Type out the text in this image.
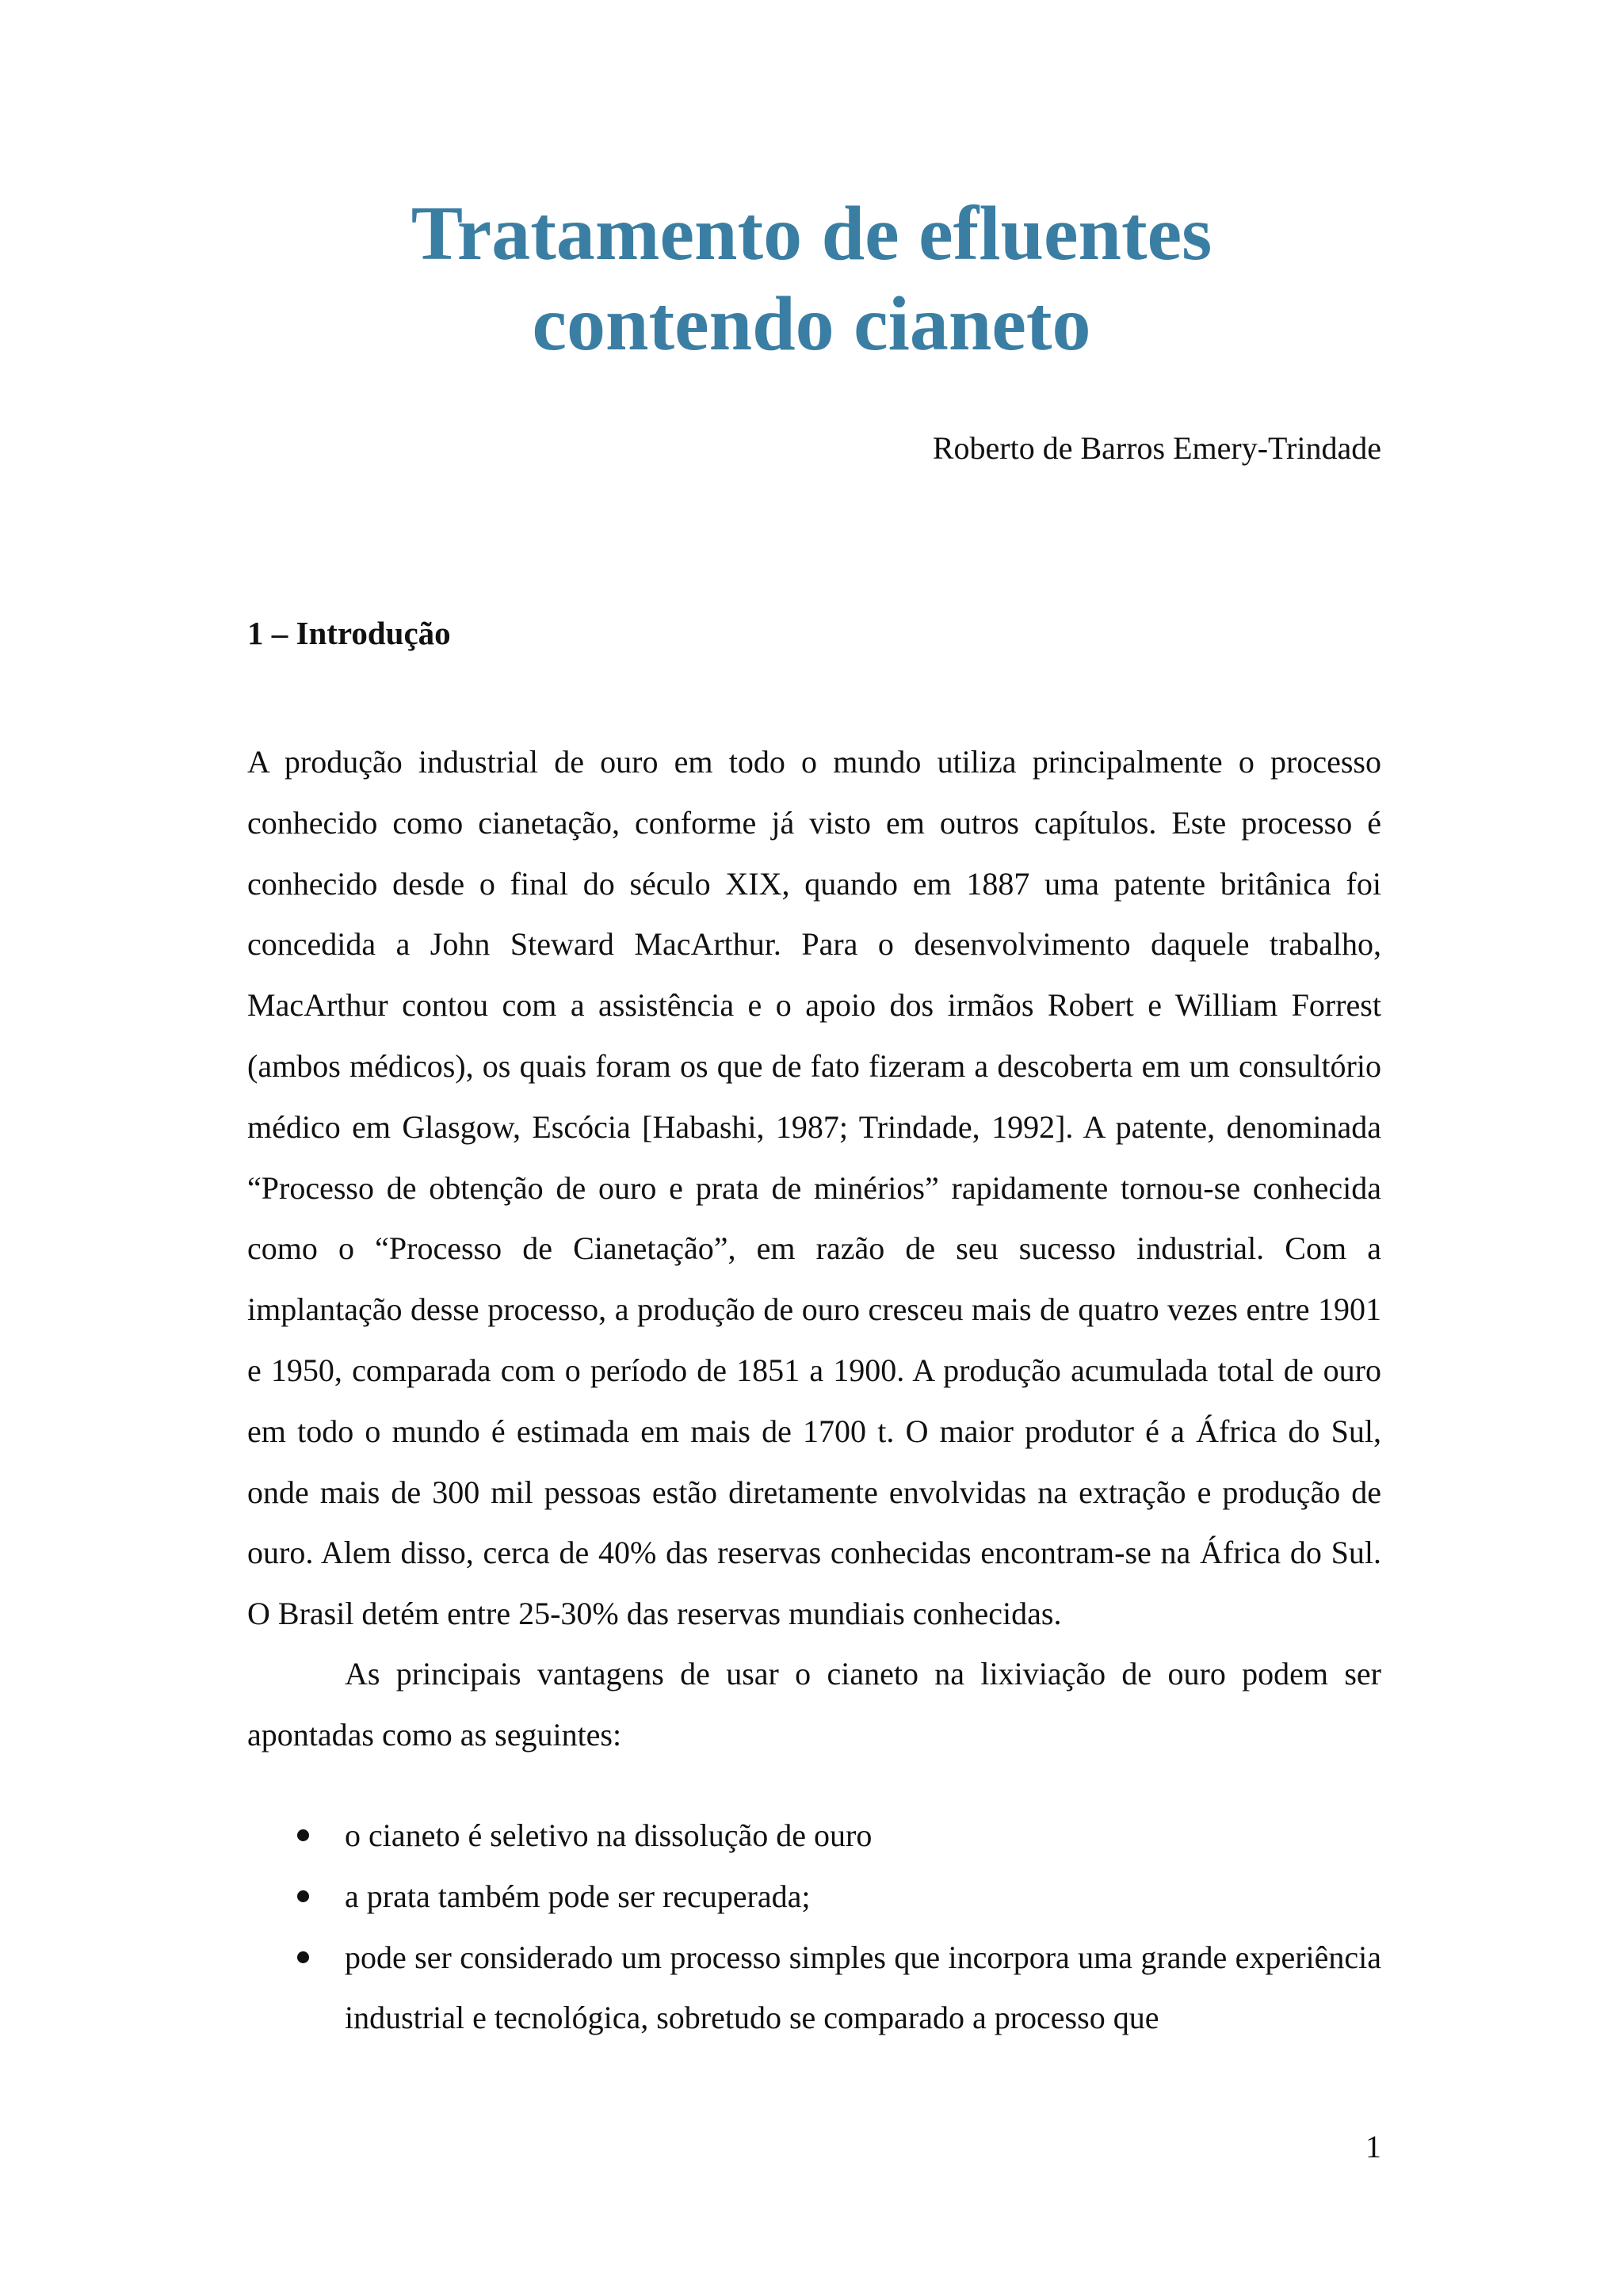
Tratamento de efluentes
contendo cianeto

Roberto de Barros Emery-Trindade

1 – Introdução

A produção industrial de ouro em todo o mundo utiliza principalmente o processo conhecido como cianetação, conforme já visto em outros capítulos. Este processo é conhecido desde o final do século XIX, quando em 1887 uma patente britânica foi concedida a John Steward MacArthur. Para o desenvolvimento daquele trabalho, MacArthur contou com a assistência e o apoio dos irmãos Robert e William Forrest (ambos médicos), os quais foram os que de fato fizeram a descoberta em um consultório médico em Glasgow, Escócia [Habashi, 1987; Trindade, 1992]. A patente, denominada “Processo de obtenção de ouro e prata de minérios” rapidamente tornou-se conhecida como o “Processo de Cianetação”, em razão de seu sucesso industrial. Com a implantação desse processo, a produção de ouro cresceu mais de quatro vezes entre 1901 e 1950, comparada com o período de 1851 a 1900. A produção acumulada total de ouro em todo o mundo é estimada em mais de 1700 t. O maior produtor é a África do Sul, onde mais de 300 mil pessoas estão diretamente envolvidas na extração e produção de ouro. Alem disso, cerca de 40% das reservas conhecidas encontram-se na África do Sul. O Brasil detém entre 25-30% das reservas mundiais conhecidas.

As principais vantagens de usar o cianeto na lixiviação de ouro podem ser apontadas como as seguintes:

o cianeto é seletivo na dissolução de ouro
a prata também pode ser recuperada;
pode ser considerado um processo simples que incorpora uma grande experiência industrial e tecnológica, sobretudo se comparado a processo que

1
